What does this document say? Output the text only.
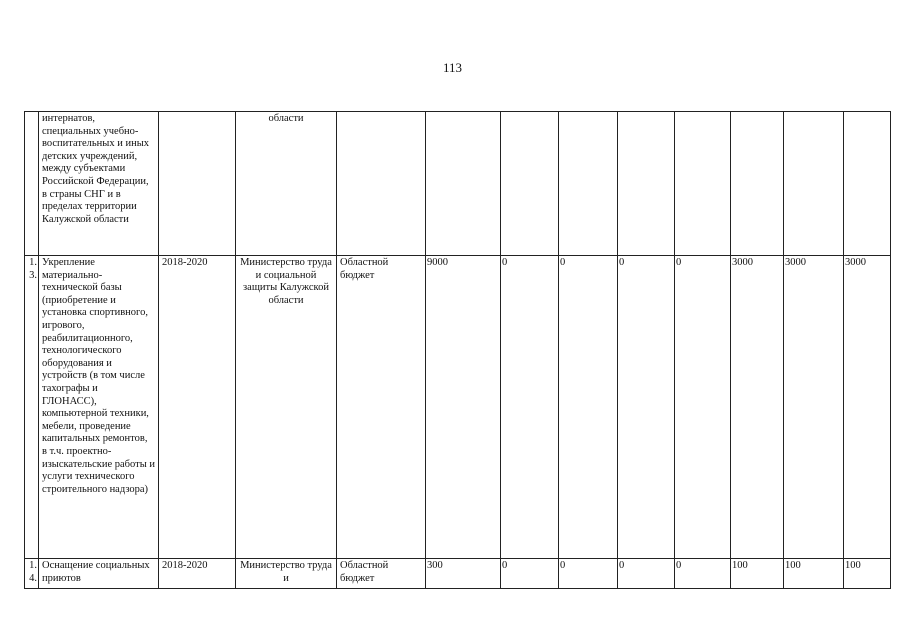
113
	интернатов, специальных учебно-воспитательных и иных детских учреждений, между субъектами Российской Федерации, в страны СНГ и в пределах территории Калужской области		области									
1.3.	Укрепление материально-технической базы (приобретение и установка спортивного, игрового, реабилитационного, технологического оборудования и устройств (в том числе тахографы и ГЛОНАСС), компьютерной техники, мебели, проведение капитальных ремонтов, в т.ч. проектно-изыскательские работы и услуги технического строительного надзора)	2018-2020	Министерство труда и социальной защиты Калужской области	Областной бюджет	9000	0	0	0	0	3000	3000	3000
1.4.	Оснащение социальных приютов	2018-2020	Министерство труда и	Областной бюджет	300	0	0	0	0	100	100	100
